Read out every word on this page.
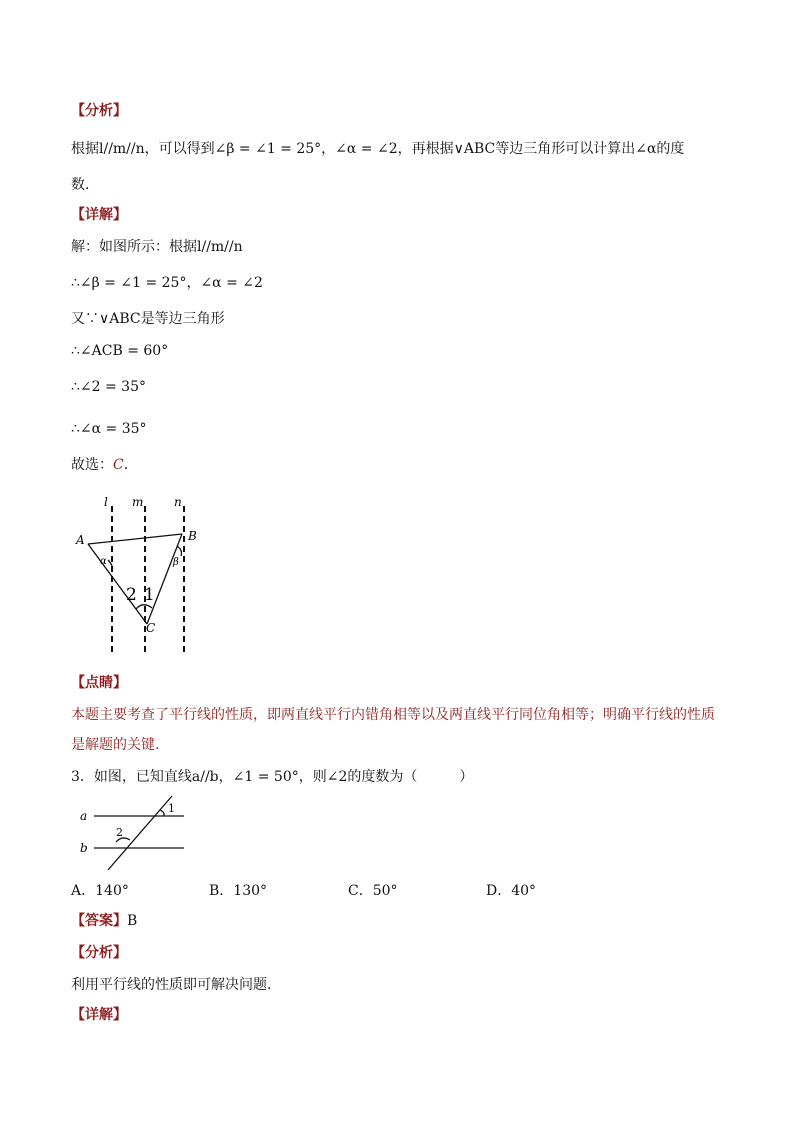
【分析】
根据l//m//n，可以得到∠β = ∠1 = 25°，∠α = ∠2，再根据∨ABC等边三角形可以计算出∠α的度
数.
【详解】
解：如图所示：根据l//m//n
∴∠β = ∠1 = 25°，∠α = ∠2
又∵∨ABC是等边三角形
∴∠ACB = 60°
∴∠2 = 35°
∴∠α = 35°
故选：C.
l m	n
A	B
C
α	β
2 1
【点睛】
本题主要考查了平行线的性质，即两直线平行内错角相等以及两直线平行同位角相等；明确平行线的性质
是解题的关键.
3．如图，已知直线a//b，∠1 = 50°，则∠2的度数为（　　　）
a
b
1
2
A．140°	B．130°	C．50°	D．40°
【答案】B
【分析】
利用平行线的性质即可解决问题.
【详解】
